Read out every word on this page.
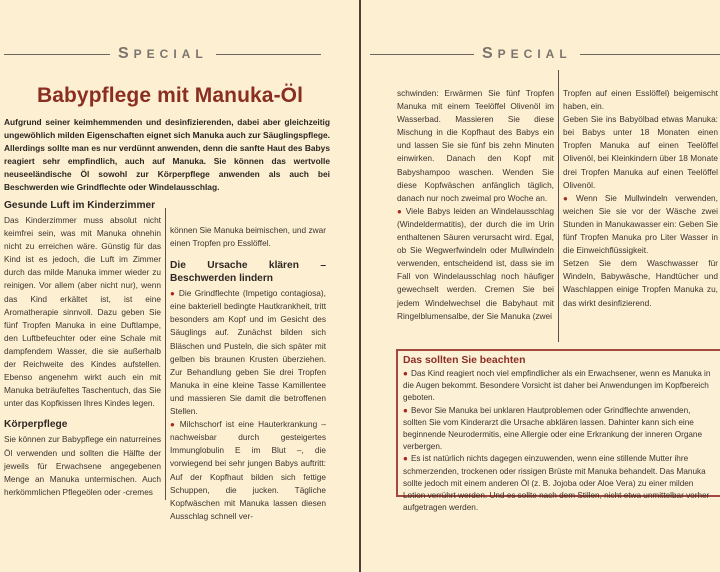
SPECIAL
Babypflege mit Manuka-Öl

Aufgrund seiner keimhemmenden und desinfizierenden, dabei aber gleichzeitig ungewöhlich milden Eigenschaften eignet sich Manuka auch zur Säuglingspflege. Allerdings sollte man es nur verdünnt anwenden, denn die sanfte Haut des Babys reagiert sehr empfindlich, auch auf Manuka. Sie können das wertvolle neuseeländische Öl sowohl zur Körperpflege anwenden als auch bei Beschwerden wie Grindflechte oder Windelausschlag.

Gesunde Luft im Kinderzimmer

Das Kinderzimmer muss absolut nicht keimfrei sein, was mit Manuka ohnehin nicht zu erreichen wäre. Günstig für das Kind ist es jedoch, die Luft im Zimmer durch das milde Manuka immer wieder zu reinigen. Vor allem (aber nicht nur), wenn das Kind erkältet ist, ist eine Aromatherapie sinnvoll. Dazu geben Sie fünf Tropfen Manuka in eine Duftlampe, den Luftbefeuchter oder eine Schale mit dampfendem Wasser, die sie außerhalb der Reichweite des Kindes aufstellen. Ebenso angenehm wirkt auch ein mit Manuka beträufeltes Taschentuch, das Sie unter das Kopfkissen Ihres Kindes legen.

Körperpflege

Sie können zur Babypflege ein naturreines Öl verwenden und sollten die Hälfte der jeweils für Erwachsene angegebenen Menge an Manuka untermischen. Auch herkömmlichen Pflegeölen oder -cremes

können Sie Manuka beimischen, und zwar einen Tropfen pro Esslöffel.

Die Ursache klären – Beschwerden lindern

● Die Grindflechte (Impetigo contagiosa), eine bakteriell bedingte Hautkrankheit, tritt besonders am Kopf und im Gesicht des Säuglings auf. Zunächst bilden sich Bläschen und Pusteln, die sich später mit gelben bis braunen Krusten überziehen. Zur Behandlung geben Sie drei Tropfen Manuka in eine kleine Tasse Kamillentee und massieren Sie damit die betroffenen Stellen.

● Milchschorf ist eine Hauterkrankung – nachweisbar durch gesteigertes Immunglobulin E im Blut –, die vorwiegend bei sehr jungen Babys auftritt: Auf der Kopfhaut bilden sich fettige Schuppen, die jucken. Tägliche Kopfwäschen mit Manuka lassen diesen Ausschlag schnell ver-

SPECIAL

schwinden: Erwärmen Sie fünf Tropfen Manuka mit einem Teelöffel Olivenöl im Wasserbad. Massieren Sie diese Mischung in die Kopfhaut des Babys ein und lassen Sie sie fünf bis zehn Minuten einwirken. Danach den Kopf mit Babyshampoo waschen. Wenden Sie diese Kopfwäschen anfänglich täglich, danach nur noch zweimal pro Woche an.

● Viele Babys leiden an Windelausschlag (Windeldermatitis), der durch die im Urin enthaltenen Säuren verursacht wird. Egal, ob Sie Wegwerfwindeln oder Mullwindeln verwenden, entscheidend ist, dass sie im Fall von Windelausschlag noch häufiger gewechselt werden. Cremen Sie bei jedem Windelwechsel die Babyhaut mit Ringelblumensalbe, der Sie Manuka (zwei

Tropfen auf einen Esslöffel) beigemischt haben, ein.

Geben Sie ins Babyölbad etwas Manuka: bei Babys unter 18 Monaten einen Tropfen Manuka auf einen Teelöffel Olivenöl, bei Kleinkindern über 18 Monate drei Tropfen Manuka auf einen Teelöffel Olivenöl.

● Wenn Sie Mullwindeln verwenden, weichen Sie sie vor der Wäsche zwei Stunden in Manukawasser ein: Geben Sie fünf Tropfen Manuka pro Liter Wasser in die Einweichflüssigkeit.

Setzen Sie dem Waschwasser für Windeln, Babywäsche, Handtücher und Waschlappen einige Tropfen Manuka zu, das wirkt desinfizierend.

Das sollten Sie beachten

● Das Kind reagiert noch viel empfindlicher als ein Erwachsener, wenn es Manuka in die Augen bekommt. Besondere Vorsicht ist daher bei Anwendungen im Kopfbereich geboten.

● Bevor Sie Manuka bei unklaren Hautproblemen oder Grindflechte anwenden, sollten Sie vom Kinderarzt die Ursache abklären lassen. Dahinter kann sich eine beginnende Neurodermitis, eine Allergie oder eine Erkrankung der inneren Organe verbergen.

● Es ist natürlich nichts dagegen einzuwenden, wenn eine stillende Mutter ihre schmerzenden, trockenen oder rissigen Brüste mit Manuka behandelt. Das Manuka sollte jedoch mit einem anderen Öl (z. B. Jojoba oder Aloe Vera) zu einer milden Lotion verrührt werden. Und es sollte nach dem Stillen, nicht etwa unmittelbar vorher aufgetragen werden.
